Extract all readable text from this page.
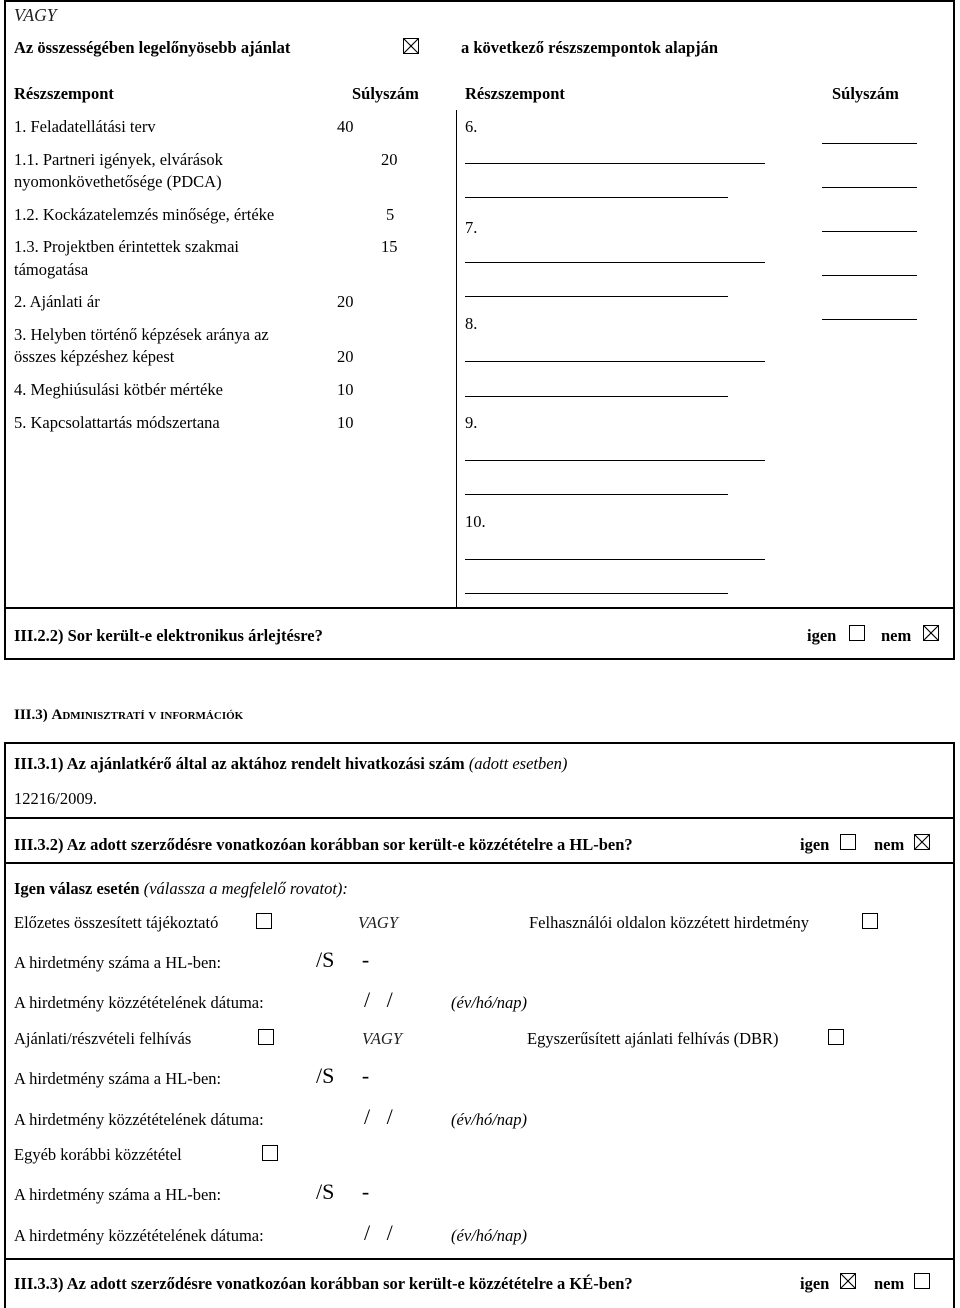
VAGY
Az összességében legelőnyösebb ajánlat	a következő részszempontok alapján
Részszempont	Súlyszám	Részszempont	Súlyszám
1. Feladatellátási terv	40
1.1. Partneri igények, elvárások
nyomonkövethetősége (PDCA)
20
1.2. Kockázatelemzés minősége, értéke	5
1.3. Projektben érintettek szakmai
támogatása
15
2. Ajánlati ár	20
3. Helyben történő képzések aránya az
összes képzéshez képest	20
4. Meghiúsulási kötbér mértéke	10
5. Kapcsolattartás módszertana	10
6.
7.
8.
9.
10.
III.2.2) Sor került-e elektronikus árlejtésre?	igen	nem
III.3) Adminisztratí v információk
III.3.1) Az ajánlatkérő által az aktához rendelt hivatkozási szám (adott esetben)
12216/2009.
III.3.2) Az adott szerződésre vonatkozóan korábban sor került-e közzétételre a HL-ben?	igen	nem
Igen válasz esetén (válassza a megfelelő rovatot):
Előzetes összesített tájékoztató	VAGY	Felhasználói oldalon közzétett hirdetmény
A hirdetmény száma a HL-ben:	/S     -
A hirdetmény közzétételének dátuma:	/   /	(év/hó/nap)
Ajánlati/részvételi felhívás	VAGY	Egyszerűsített ajánlati felhívás (DBR)
A hirdetmény száma a HL-ben:	/S     -
A hirdetmény közzétételének dátuma:	/   /	(év/hó/nap)
Egyéb korábbi közzététel
A hirdetmény száma a HL-ben:	/S     -
A hirdetmény közzétételének dátuma:	/   /	(év/hó/nap)
III.3.3) Az adott szerződésre vonatkozóan korábban sor került-e közzétételre a KÉ-ben?	igen	nem
